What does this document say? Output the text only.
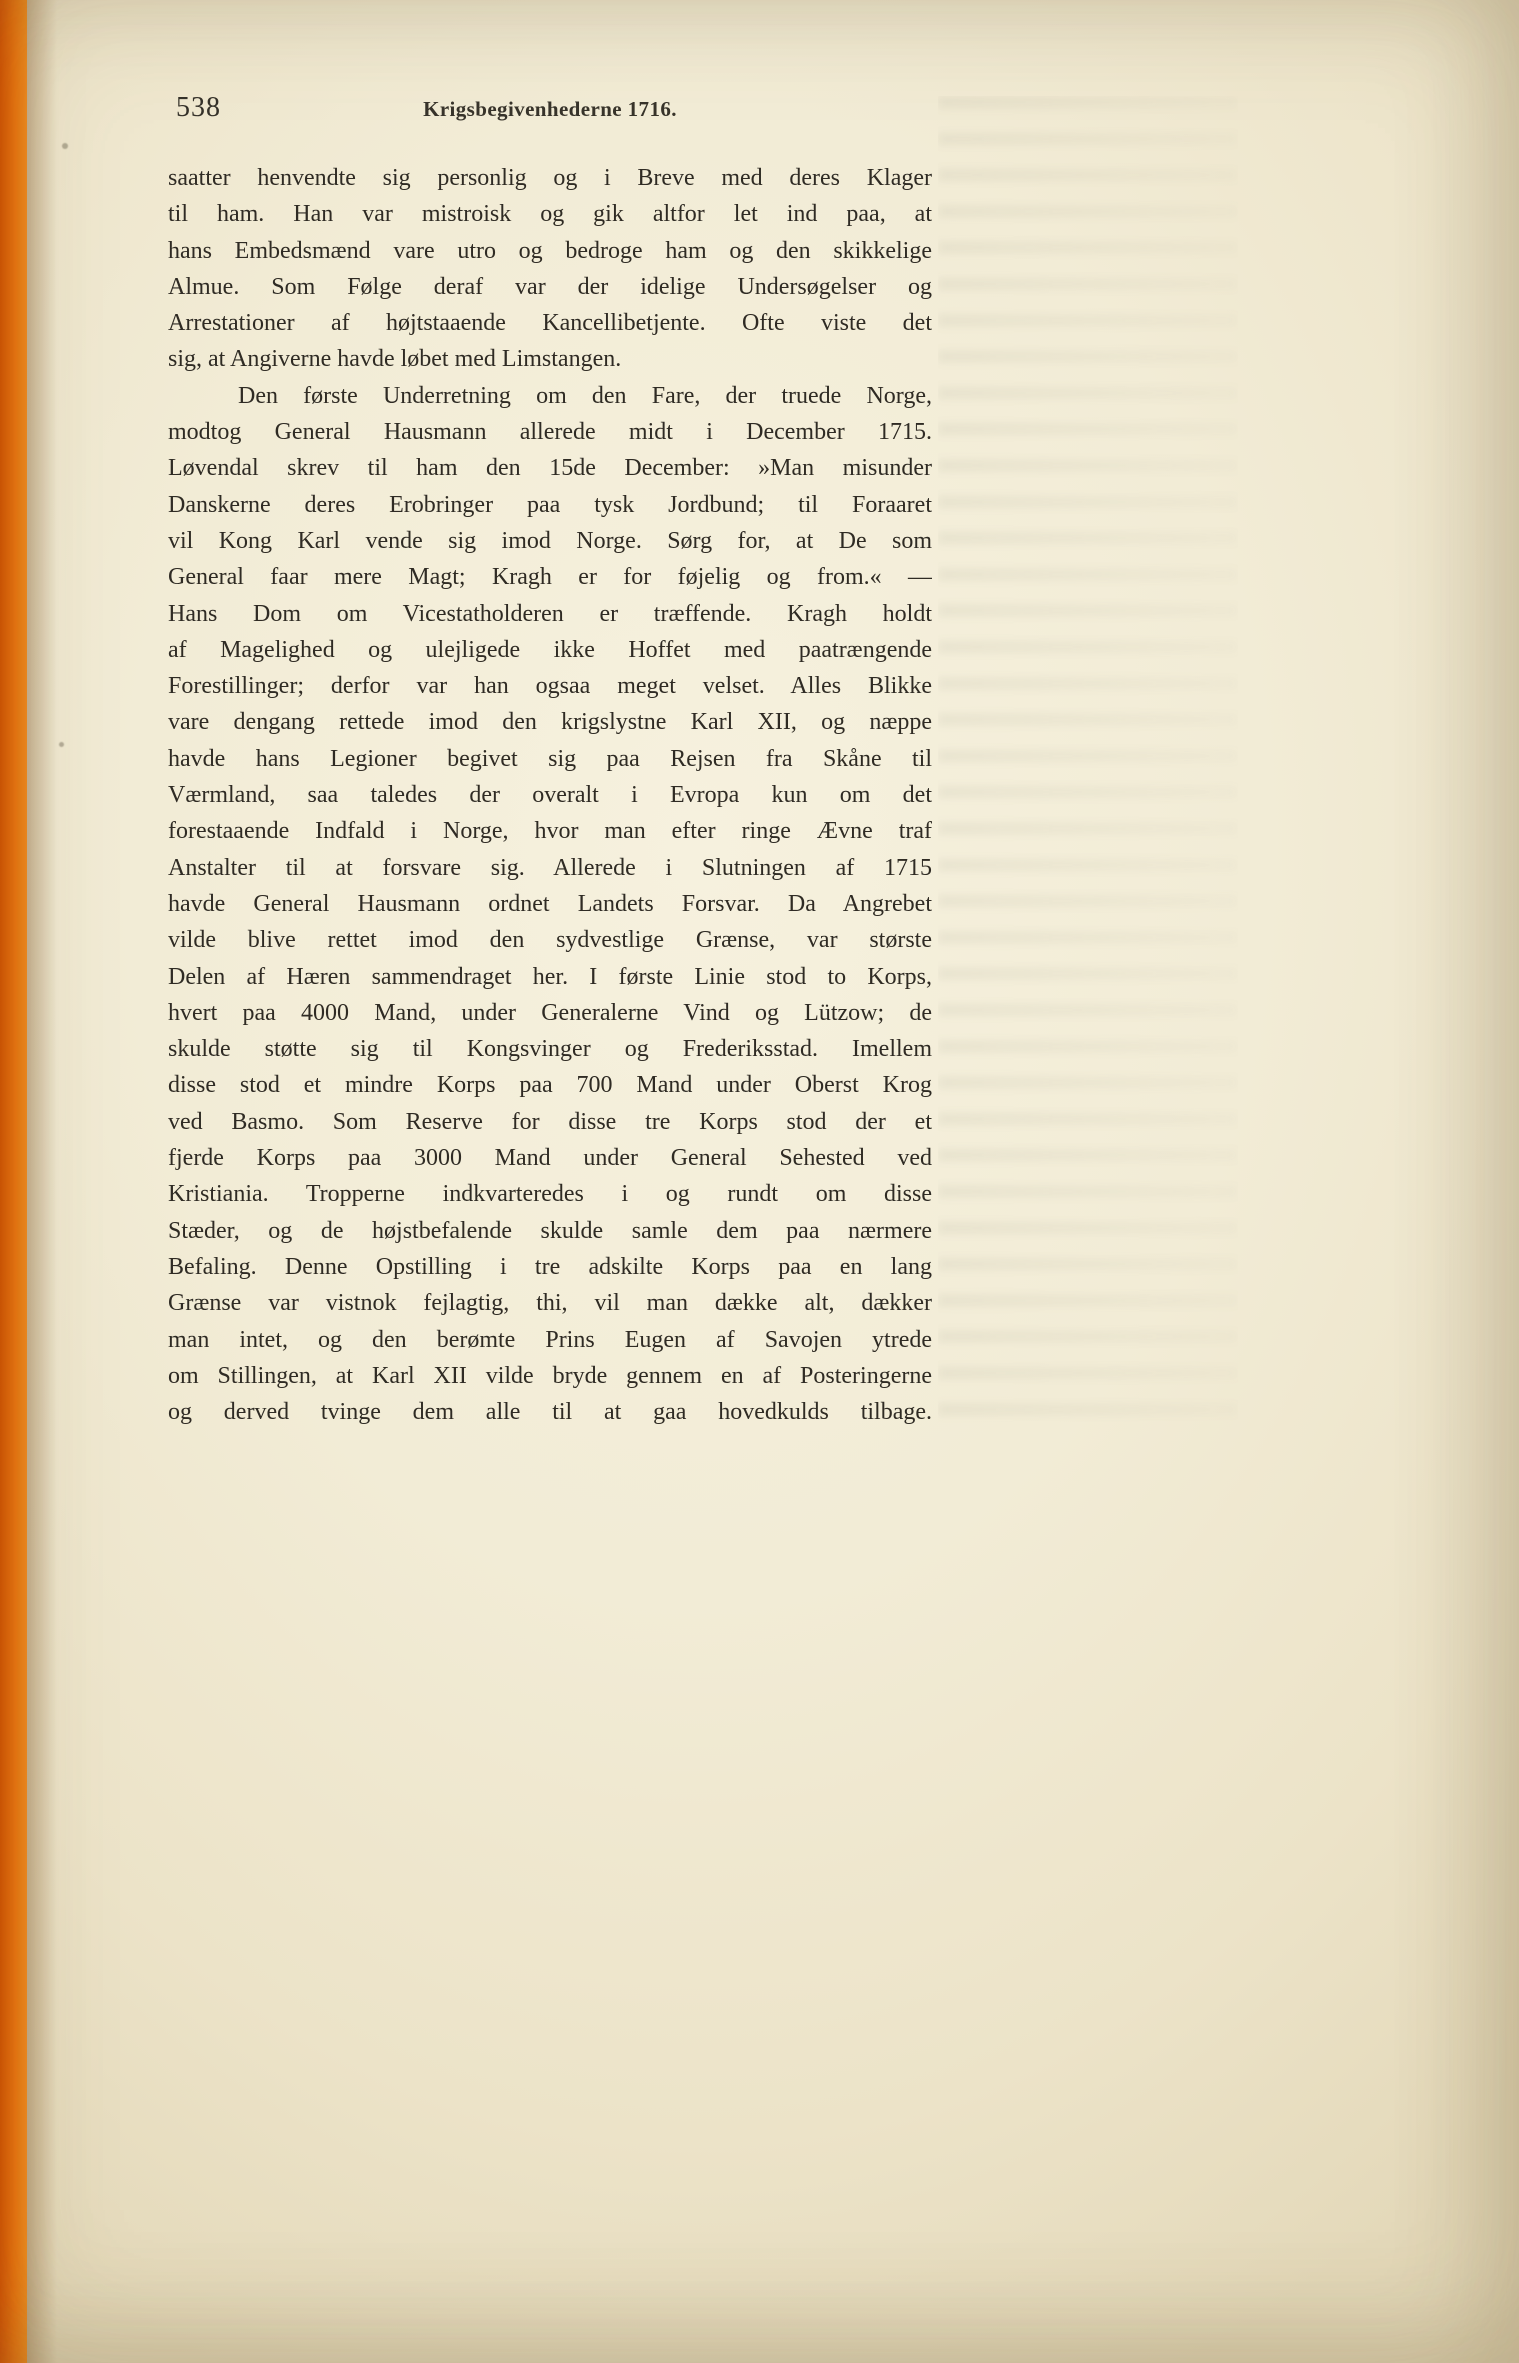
538	Krigsbegivenhederne 1716.
saatter henvendte sig personlig og i Breve med deres Klager
til ham. Han var mistroisk og gik altfor let ind paa, at
hans Embedsmænd vare utro og bedroge ham og den skikkelige
Almue. Som Følge deraf var der idelige Undersøgelser og
Arrestationer af højtstaaende Kancellibetjente. Ofte viste det
sig, at Angiverne havde løbet med Limstangen.
Den første Underretning om den Fare, der truede Norge,
modtog General Hausmann allerede midt i December 1715.
Løvendal skrev til ham den 15de December: »Man misunder
Danskerne deres Erobringer paa tysk Jordbund; til Foraaret
vil Kong Karl vende sig imod Norge. Sørg for, at De som
General faar mere Magt; Kragh er for føjelig og from.« —
Hans Dom om Vicestatholderen er træffende. Kragh holdt
af Magelighed og ulejligede ikke Hoffet med paatrængende
Forestillinger; derfor var han ogsaa meget velset. Alles Blikke
vare dengang rettede imod den krigslystne Karl XII, og næppe
havde hans Legioner begivet sig paa Rejsen fra Skåne til
Værmland, saa taledes der overalt i Evropa kun om det
forestaaende Indfald i Norge, hvor man efter ringe Ævne traf
Anstalter til at forsvare sig. Allerede i Slutningen af 1715
havde General Hausmann ordnet Landets Forsvar. Da Angrebet
vilde blive rettet imod den sydvestlige Grænse, var største
Delen af Hæren sammendraget her. I første Linie stod to Korps,
hvert paa 4000 Mand, under Generalerne Vind og Lützow; de
skulde støtte sig til Kongsvinger og Frederiksstad. Imellem
disse stod et mindre Korps paa 700 Mand under Oberst Krog
ved Basmo. Som Reserve for disse tre Korps stod der et
fjerde Korps paa 3000 Mand under General Sehested ved
Kristiania. Tropperne indkvarteredes i og rundt om disse
Stæder, og de højstbefalende skulde samle dem paa nærmere
Befaling. Denne Opstilling i tre adskilte Korps paa en lang
Grænse var vistnok fejlagtig, thi, vil man dække alt, dækker
man intet, og den berømte Prins Eugen af Savojen ytrede
om Stillingen, at Karl XII vilde bryde gennem en af Posteringerne
og derved tvinge dem alle til at gaa hovedkulds tilbage.
